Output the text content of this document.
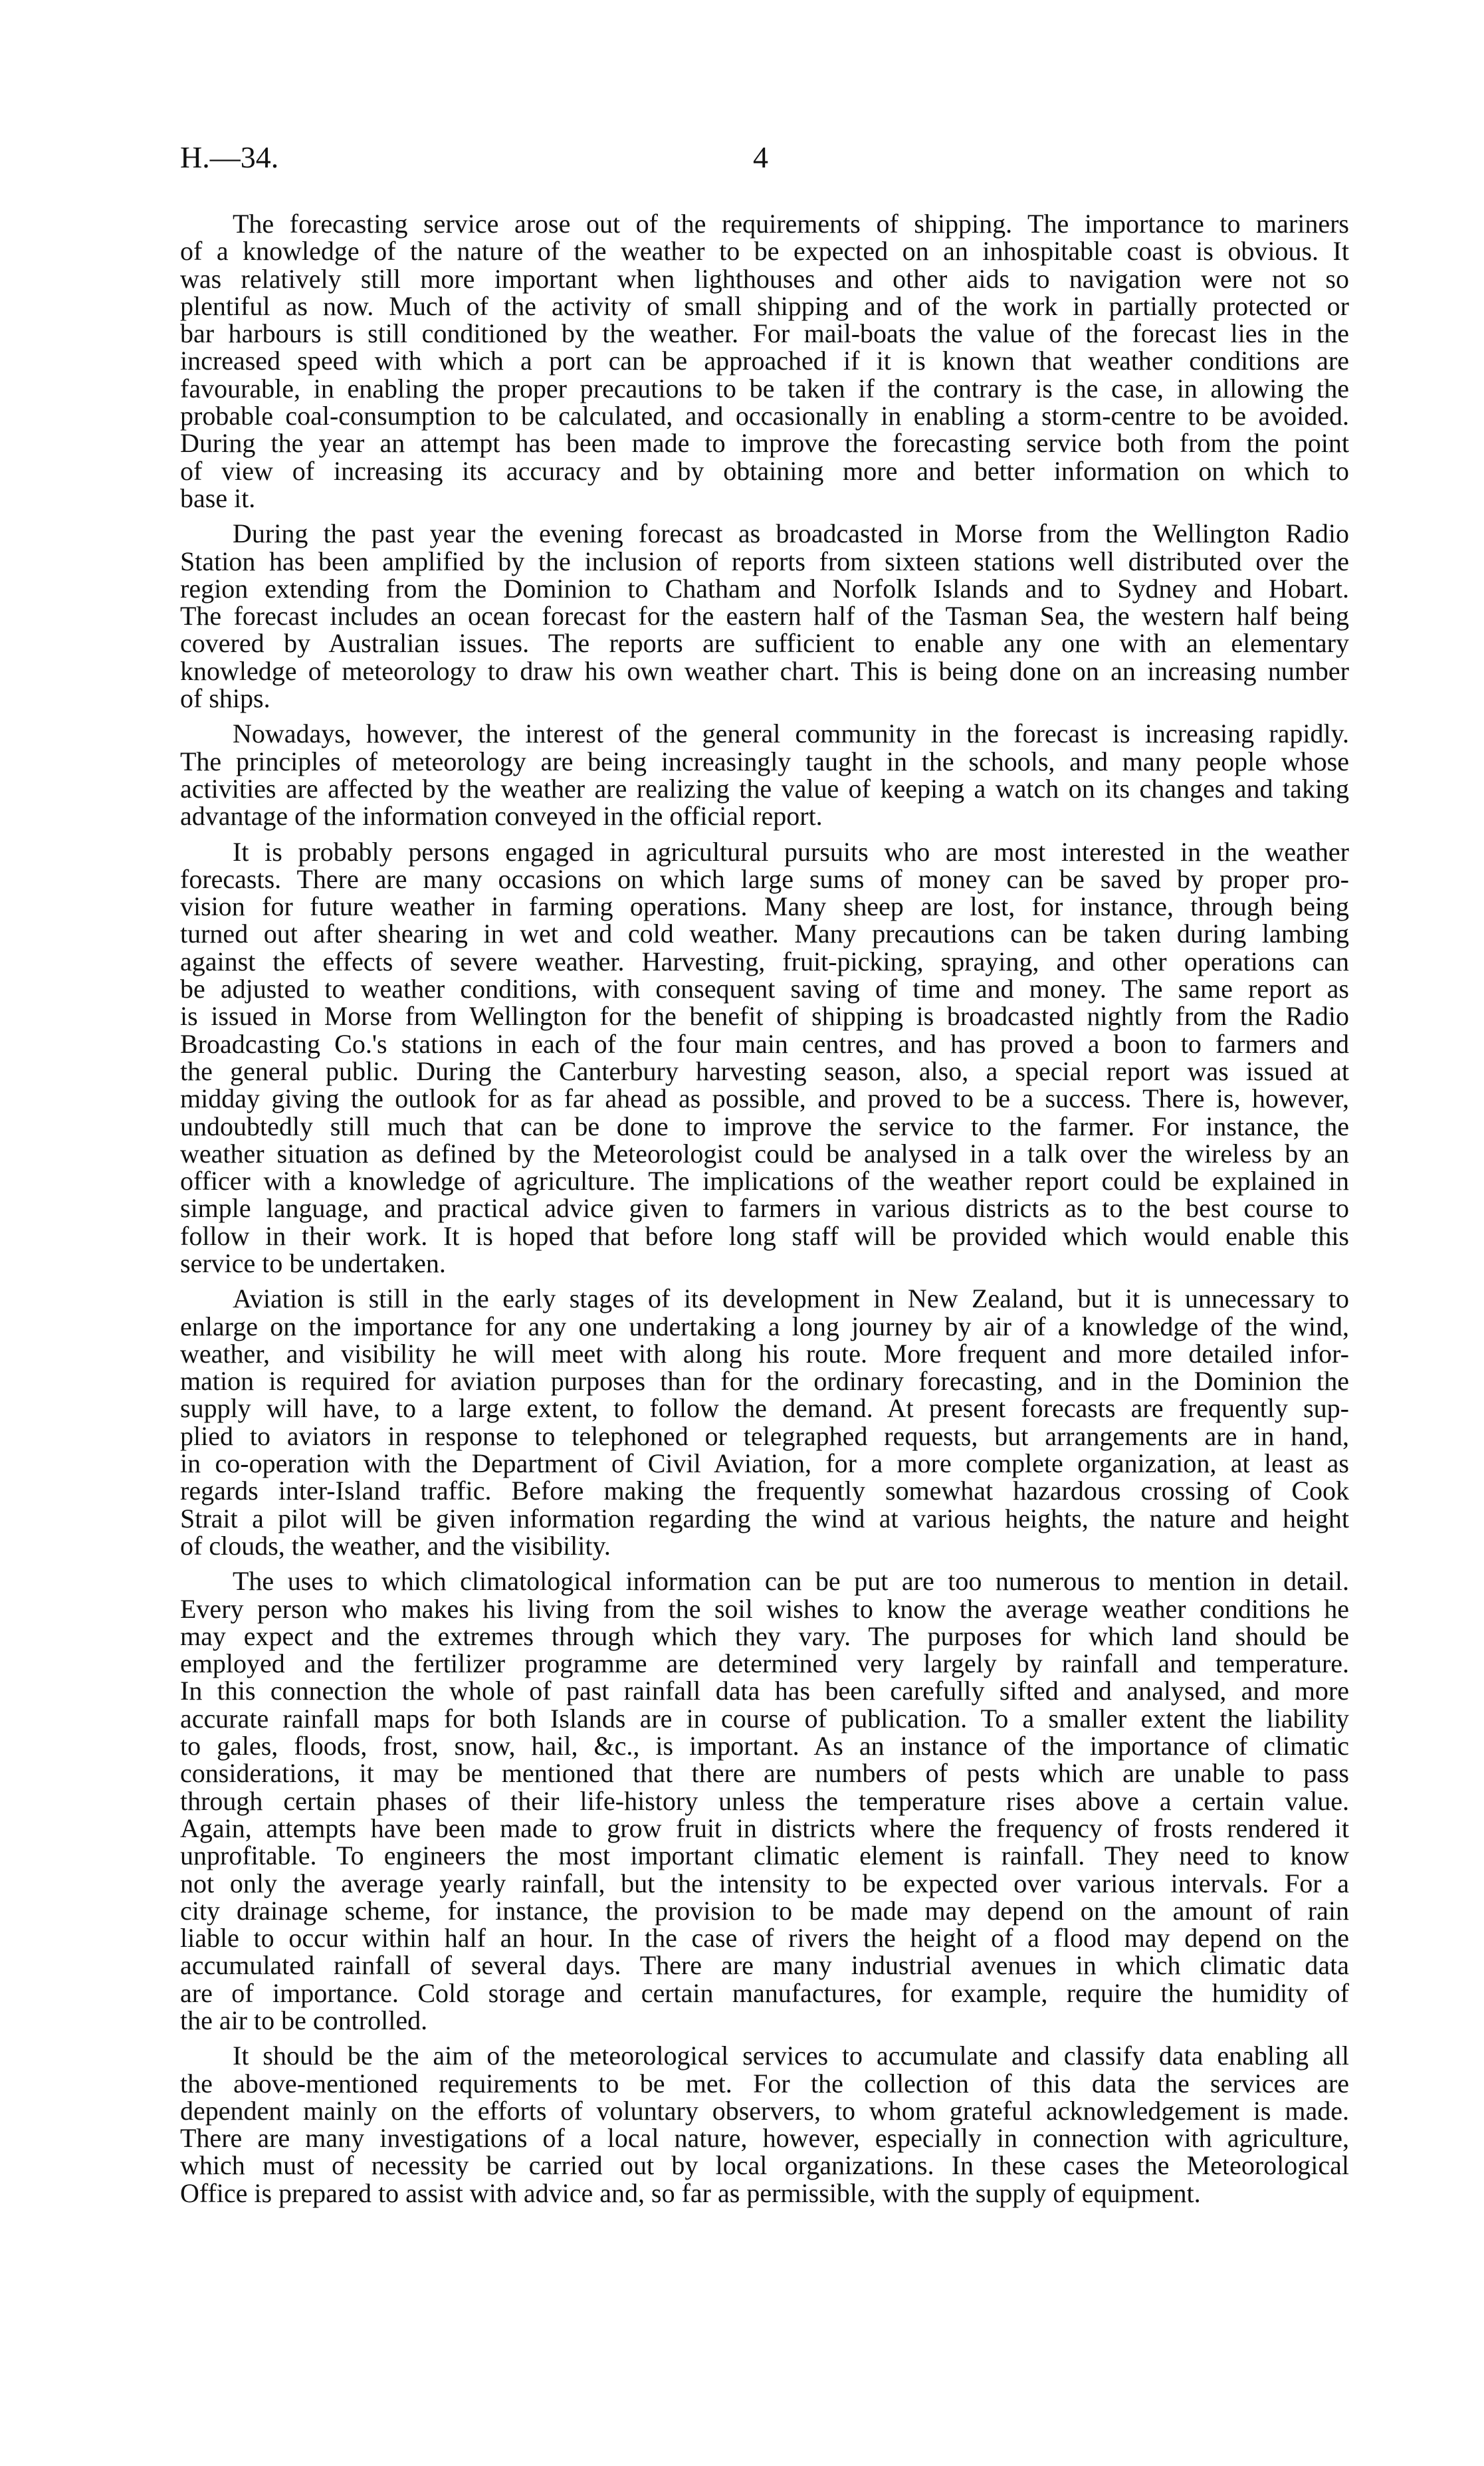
H.—34.	4
The forecasting service arose out of the requirements of shipping. The importance to mariners
of a knowledge of the nature of the weather to be expected on an inhospitable coast is obvious. It
was relatively still more important when lighthouses and other aids to navigation were not so
plentiful as now. Much of the activity of small shipping and of the work in partially protected or
bar harbours is still conditioned by the weather. For mail-boats the value of the forecast lies in the
increased speed with which a port can be approached if it is known that weather conditions are
favourable, in enabling the proper precautions to be taken if the contrary is the case, in allowing the
probable coal-consumption to be calculated, and occasionally in enabling a storm-centre to be avoided.
During the year an attempt has been made to improve the forecasting service both from the point
of view of increasing its accuracy and by obtaining more and better information on which to
base it.
During the past year the evening forecast as broadcasted in Morse from the Wellington Radio
Station has been amplified by the inclusion of reports from sixteen stations well distributed over the
region extending from the Dominion to Chatham and Norfolk Islands and to Sydney and Hobart.
The forecast includes an ocean forecast for the eastern half of the Tasman Sea, the western half being
covered by Australian issues. The reports are sufficient to enable any one with an elementary
knowledge of meteorology to draw his own weather chart. This is being done on an increasing number
of ships.
Nowadays, however, the interest of the general community in the forecast is increasing rapidly.
The principles of meteorology are being increasingly taught in the schools, and many people whose
activities are affected by the weather are realizing the value of keeping a watch on its changes and taking
advantage of the information conveyed in the official report.
It is probably persons engaged in agricultural pursuits who are most interested in the weather
forecasts. There are many occasions on which large sums of money can be saved by proper pro-
vision for future weather in farming operations. Many sheep are lost, for instance, through being
turned out after shearing in wet and cold weather. Many precautions can be taken during lambing
against the effects of severe weather. Harvesting, fruit-picking, spraying, and other operations can
be adjusted to weather conditions, with consequent saving of time and money. The same report as
is issued in Morse from Wellington for the benefit of shipping is broadcasted nightly from the Radio
Broadcasting Co.'s stations in each of the four main centres, and has proved a boon to farmers and
the general public. During the Canterbury harvesting season, also, a special report was issued at
midday giving the outlook for as far ahead as possible, and proved to be a success. There is, however,
undoubtedly still much that can be done to improve the service to the farmer. For instance, the
weather situation as defined by the Meteorologist could be analysed in a talk over the wireless by an
officer with a knowledge of agriculture. The implications of the weather report could be explained in
simple language, and practical advice given to farmers in various districts as to the best course to
follow in their work. It is hoped that before long staff will be provided which would enable this
service to be undertaken.
Aviation is still in the early stages of its development in New Zealand, but it is unnecessary to
enlarge on the importance for any one undertaking a long journey by air of a knowledge of the wind,
weather, and visibility he will meet with along his route. More frequent and more detailed infor-
mation is required for aviation purposes than for the ordinary forecasting, and in the Dominion the
supply will have, to a large extent, to follow the demand. At present forecasts are frequently sup-
plied to aviators in response to telephoned or telegraphed requests, but arrangements are in hand,
in co-operation with the Department of Civil Aviation, for a more complete organization, at least as
regards inter-Island traffic. Before making the frequently somewhat hazardous crossing of Cook
Strait a pilot will be given information regarding the wind at various heights, the nature and height
of clouds, the weather, and the visibility.
The uses to which climatological information can be put are too numerous to mention in detail.
Every person who makes his living from the soil wishes to know the average weather conditions he
may expect and the extremes through which they vary. The purposes for which land should be
employed and the fertilizer programme are determined very largely by rainfall and temperature.
In this connection the whole of past rainfall data has been carefully sifted and analysed, and more
accurate rainfall maps for both Islands are in course of publication. To a smaller extent the liability
to gales, floods, frost, snow, hail, &c., is important. As an instance of the importance of climatic
considerations, it may be mentioned that there are numbers of pests which are unable to pass
through certain phases of their life-history unless the temperature rises above a certain value.
Again, attempts have been made to grow fruit in districts where the frequency of frosts rendered it
unprofitable. To engineers the most important climatic element is rainfall. They need to know
not only the average yearly rainfall, but the intensity to be expected over various intervals. For a
city drainage scheme, for instance, the provision to be made may depend on the amount of rain
liable to occur within half an hour. In the case of rivers the height of a flood may depend on the
accumulated rainfall of several days. There are many industrial avenues in which climatic data
are of importance. Cold storage and certain manufactures, for example, require the humidity of
the air to be controlled.
It should be the aim of the meteorological services to accumulate and classify data enabling all
the above-mentioned requirements to be met. For the collection of this data the services are
dependent mainly on the efforts of voluntary observers, to whom grateful acknowledgement is made.
There are many investigations of a local nature, however, especially in connection with agriculture,
which must of necessity be carried out by local organizations. In these cases the Meteorological
Office is prepared to assist with advice and, so far as permissible, with the supply of equipment.
